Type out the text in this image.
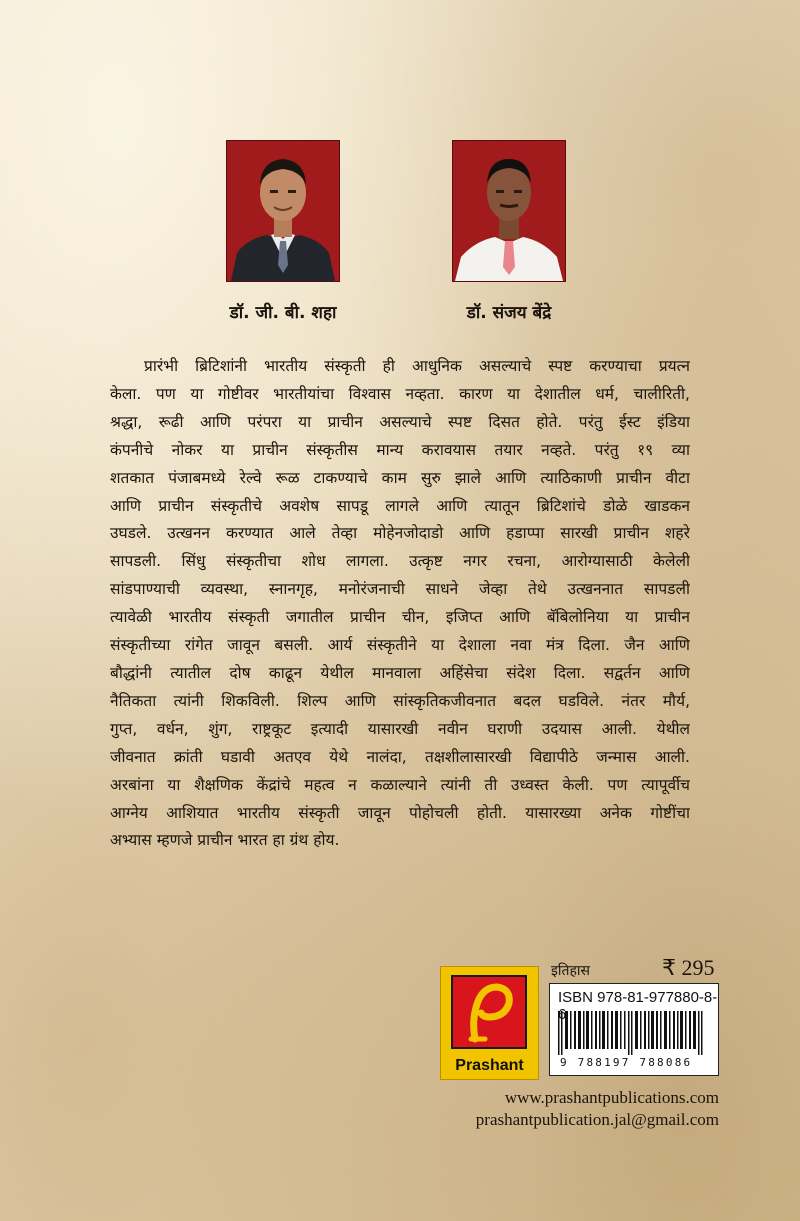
डॉ. जी. बी. शहा	डॉ. संजय बेंद्रे
प्रारंभी ब्रिटिशांनी भारतीय संस्कृती ही आधुनिक असल्याचे स्पष्ट करण्याचा प्रयत्न
केला. पण या गोष्टीवर भारतीयांचा विश्वास नव्हता. कारण या देशातील धर्म, चालीरिती,
श्रद्धा, रूढी आणि परंपरा या प्राचीन असल्याचे स्पष्ट दिसत होते. परंतु ईस्ट इंडिया
कंपनीचे नोकर या प्राचीन संस्कृतीस मान्य करावयास तयार नव्हते. परंतु १९ व्या
शतकात पंजाबमध्ये रेल्वे रूळ टाकण्याचे काम सुरु झाले आणि त्याठिकाणी प्राचीन वीटा
आणि प्राचीन संस्कृतीचे अवशेष सापडू लागले आणि त्यातून ब्रिटिशांचे डोळे खाडकन
उघडले. उत्खनन करण्यात आले तेव्हा मोहेनजोदाडो आणि हडाप्पा सारखी प्राचीन शहरे
सापडली. सिंधु संस्कृतीचा शोध लागला. उत्कृष्ट नगर रचना, आरोग्यासाठी केलेली
सांडपाण्याची व्यवस्था, स्नानगृह, मनोरंजनाची साधने जेव्हा तेथे उत्खननात सापडली
त्यावेळी भारतीय संस्कृती जगातील प्राचीन चीन, इजिप्त आणि बॅबिलोनिया या प्राचीन
संस्कृतीच्या रांगेत जावून बसली. आर्य संस्कृतीने या देशाला नवा मंत्र दिला. जैन आणि
बौद्धांनी त्यातील दोष काढून येथील मानवाला अहिंसेचा संदेश दिला. सद्वर्तन आणि
नैतिकता त्यांनी शिकविली. शिल्प आणि सांस्कृतिकजीवनात बदल घडविले. नंतर मौर्य,
गुप्त, वर्धन, शुंग, राष्ट्रकूट इत्यादी यासारखी नवीन घराणी उदयास आली. येथील
जीवनात क्रांती घडावी अतएव येथे नालंदा, तक्षशीलासारखी विद्यापीठे जन्मास आली.
अरबांना या शैक्षणिक केंद्रांचे महत्व न कळाल्याने त्यांनी ती उध्वस्त केली. पण त्यापूर्वीच
आग्नेय आशियात भारतीय संस्कृती जावून पोहोचली होती. यासारख्या अनेक गोष्टींचा
अभ्यास म्हणजे प्राचीन भारत हा ग्रंथ होय.
Prashant
इतिहास	₹ 295
ISBN 978-81-977880-8-
9 788197 788086
www.prashantpublications.com
prashantpublication.jal@gmail.com
